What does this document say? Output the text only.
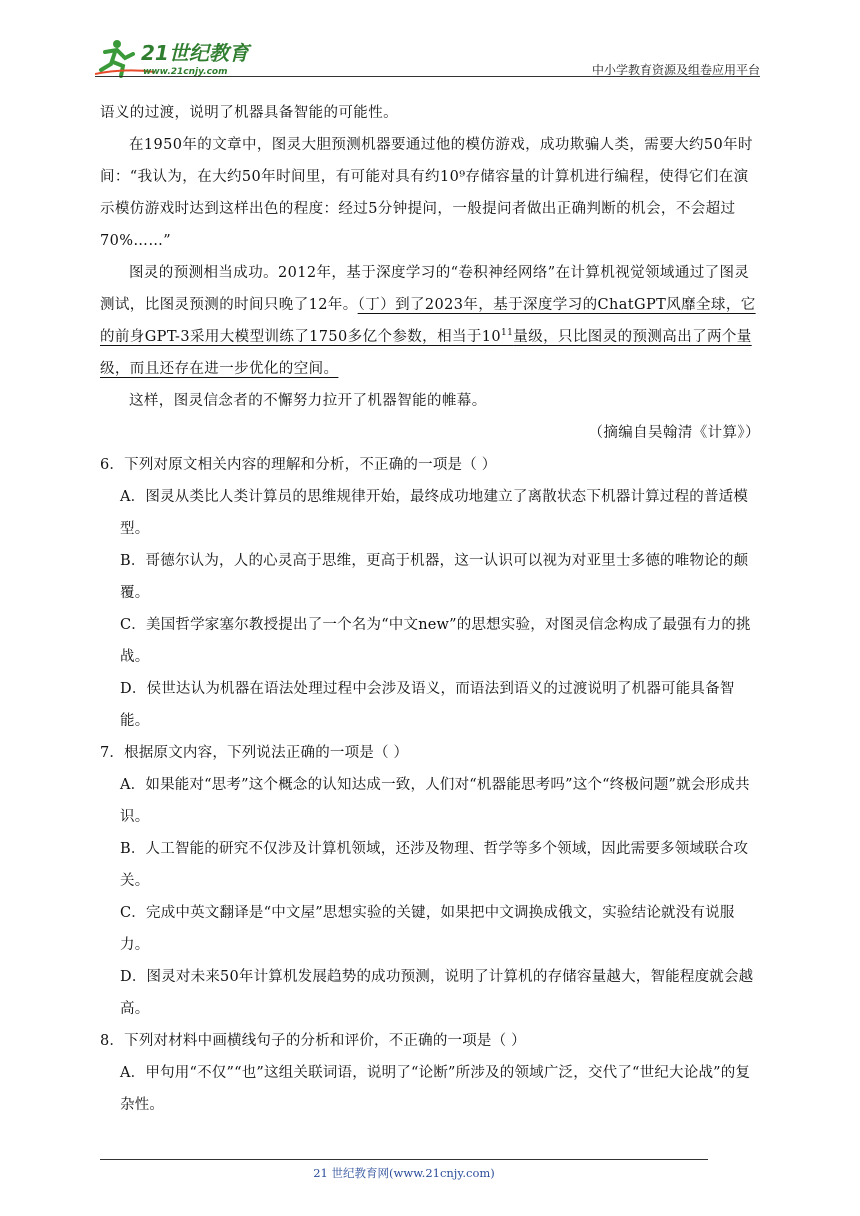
21世纪教育
www.21cnjy.com	中小学教育资源及组卷应用平台

语义的过渡，说明了机器具备智能的可能性。

在1950年的文章中，图灵大胆预测机器要通过他的模仿游戏，成功欺骗人类，需要大约50年时间：“我认为，在大约50年时间里，有可能对具有约10⁹存储容量的计算机进行编程，使得它们在演示模仿游戏时达到这样出色的程度：经过5分钟提问，一般提问者做出正确判断的机会，不会超过70%……”

图灵的预测相当成功。2012年，基于深度学习的“卷积神经网络”在计算机视觉领域通过了图灵测试，比图灵预测的时间只晚了12年。（丁）到了2023年，基于深度学习的ChatGPT风靡全球，它的前身GPT-3采用大模型训练了1750多亿个参数，相当于$10^{11}$量级，只比图灵的预测高出了两个量级，而且还存在进一步优化的空间。

这样，图灵信念者的不懈努力拉开了机器智能的帷幕。

（摘编自吴翰清《计算》）

6．下列对原文相关内容的理解和分析，不正确的一项是（ ）

A．图灵从类比人类计算员的思维规律开始，最终成功地建立了离散状态下机器计算过程的普适模型。

B．哥德尔认为，人的心灵高于思维，更高于机器，这一认识可以视为对亚里士多德的唯物论的颠覆。

C．美国哲学家塞尔教授提出了一个名为“中文new”的思想实验，对图灵信念构成了最强有力的挑战。

D．侯世达认为机器在语法处理过程中会涉及语义，而语法到语义的过渡说明了机器可能具备智能。

7．根据原文内容，下列说法正确的一项是（ ）

A．如果能对“思考”这个概念的认知达成一致，人们对“机器能思考吗”这个“终极问题”就会形成共识。

B．人工智能的研究不仅涉及计算机领域，还涉及物理、哲学等多个领域，因此需要多领域联合攻关。

C．完成中英文翻译是“中文屋”思想实验的关键，如果把中文调换成俄文，实验结论就没有说服力。

D．图灵对未来50年计算机发展趋势的成功预测，说明了计算机的存储容量越大，智能程度就会越高。

8．下列对材料中画横线句子的分析和评价，不正确的一项是（ ）

A．甲句用“不仅”“也”这组关联词语，说明了“论断”所涉及的领域广泛，交代了“世纪大论战”的复杂性。

21 世纪教育网(www.21cnjy.com)
